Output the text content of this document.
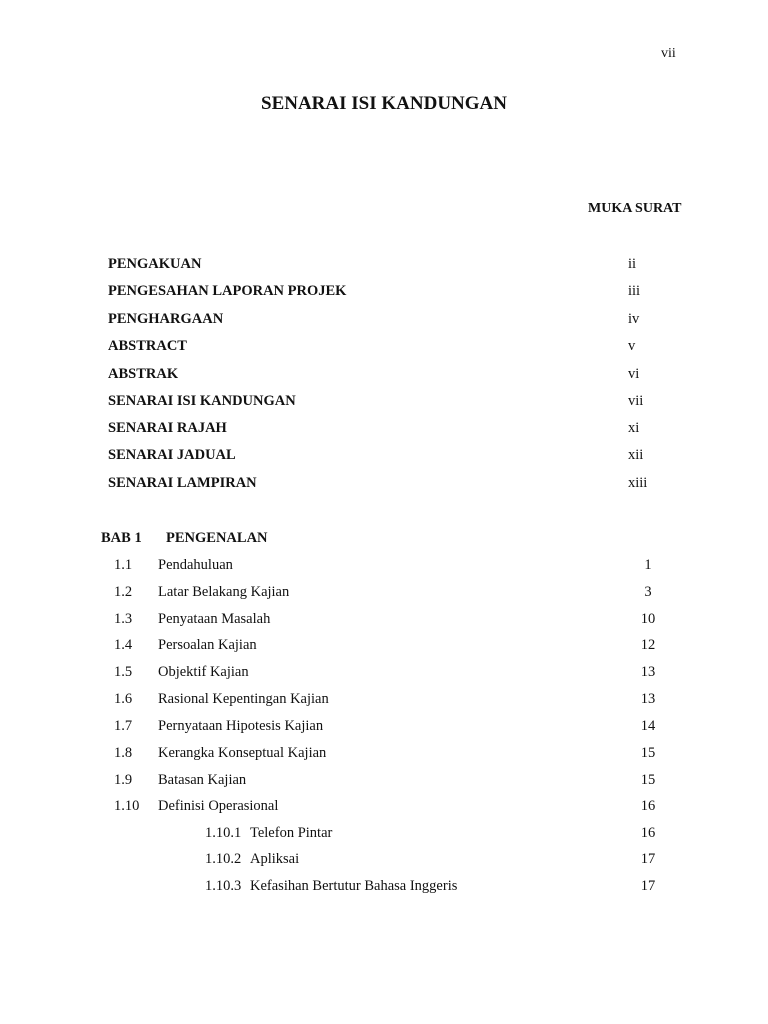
vii
SENARAI ISI KANDUNGAN
MUKA SURAT
PENGAKUAN	ii
PENGESAHAN LAPORAN PROJEK	iii
PENGHARGAAN	iv
ABSTRACT	v
ABSTRAK	vi
SENARAI ISI KANDUNGAN	vii
SENARAI RAJAH	xi
SENARAI JADUAL	xii
SENARAI LAMPIRAN	xiii
BAB 1 PENGENALAN
1.1 Pendahuluan	1
1.2 Latar Belakang Kajian	3
1.3 Penyataan Masalah	10
1.4 Persoalan Kajian	12
1.5 Objektif Kajian	13
1.6 Rasional Kepentingan Kajian	13
1.7 Pernyataan Hipotesis Kajian	14
1.8 Kerangka Konseptual Kajian	15
1.9 Batasan Kajian	15
1.10 Definisi Operasional	16
1.10.1 Telefon Pintar	16
1.10.2 Apliksai	17
1.10.3 Kefasihan Bertutur Bahasa Inggeris	17
